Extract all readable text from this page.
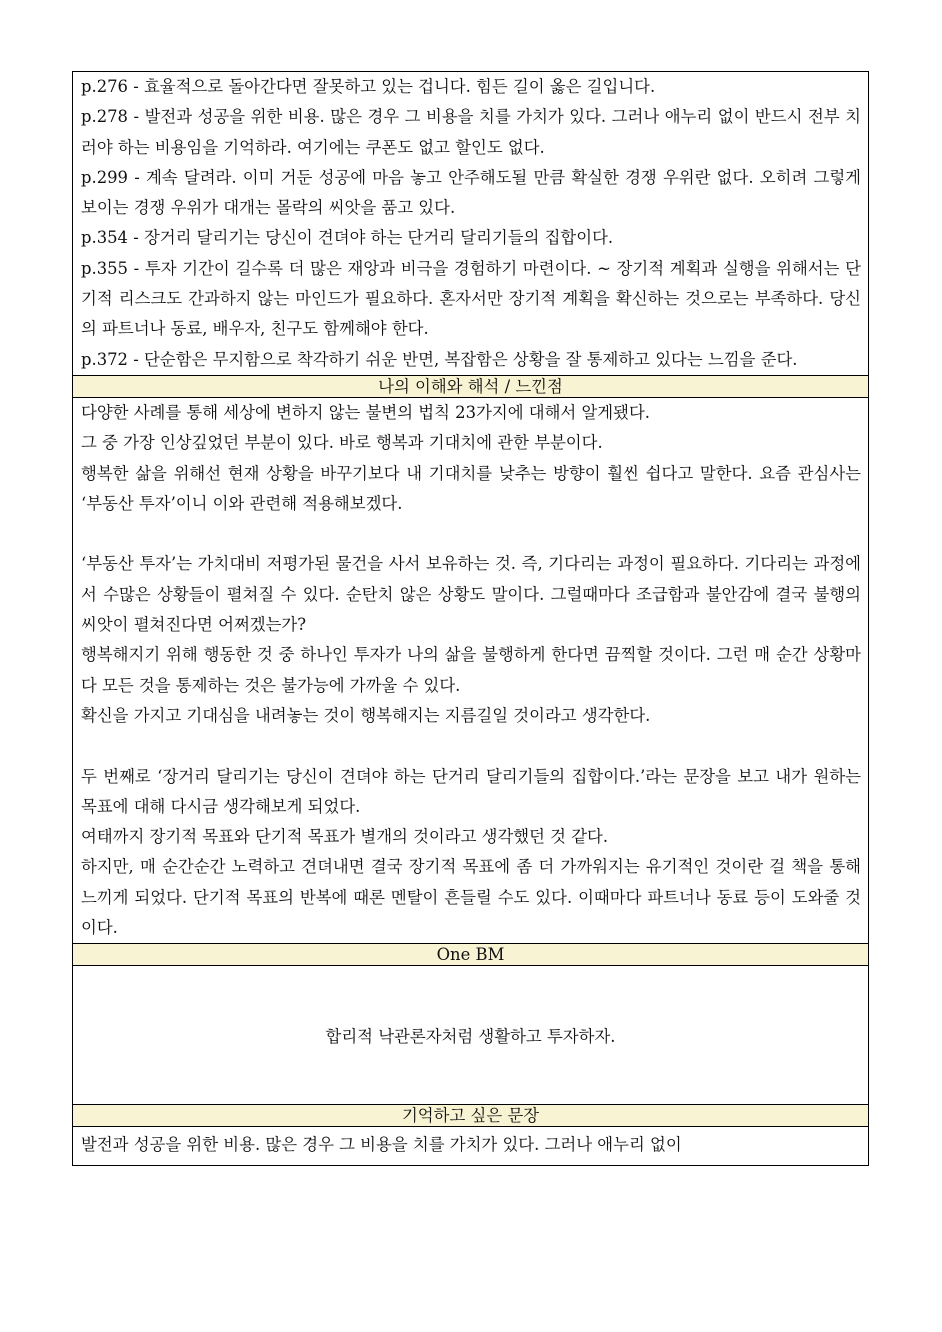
p.276 - 효율적으로 돌아간다면 잘못하고 있는 겁니다. 힘든 길이 옳은 길입니다.

p.278 - 발전과 성공을 위한 비용. 많은 경우 그 비용을 치를 가치가 있다. 그러나 애누리 없이 반드시 전부 치러야 하는 비용임을 기억하라. 여기에는 쿠폰도 없고 할인도 없다.

p.299 - 계속 달려라. 이미 거둔 성공에 마음 놓고 안주해도될 만큼 확실한 경쟁 우위란 없다. 오히려 그렇게 보이는 경쟁 우위가 대개는 몰락의 씨앗을 품고 있다.

p.354 - 장거리 달리기는 당신이 견뎌야 하는 단거리 달리기들의 집합이다.

p.355 - 투자 기간이 길수록 더 많은 재앙과 비극을 경험하기 마련이다. ~ 장기적 계획과 실행을 위해서는 단기적 리스크도 간과하지 않는 마인드가 필요하다. 혼자서만 장기적 계획을 확신하는 것으로는 부족하다. 당신의 파트너나 동료, 배우자, 친구도 함께해야 한다.

p.372 - 단순함은 무지함으로 착각하기 쉬운 반면, 복잡함은 상황을 잘 통제하고 있다는 느낌을 준다.

나의 이해와 해석 / 느낀점

다양한 사례를 통해 세상에 변하지 않는 불변의 법칙 23가지에 대해서 알게됐다.

그 중 가장 인상깊었던 부분이 있다. 바로 행복과 기대치에 관한 부분이다.

행복한 삶을 위해선 현재 상황을 바꾸기보다 내 기대치를 낮추는 방향이 훨씬 쉽다고 말한다. 요즘 관심사는 ‘부동산 투자’이니 이와 관련해 적용해보겠다.

‘부동산 투자’는 가치대비 저평가된 물건을 사서 보유하는 것. 즉, 기다리는 과정이 필요하다. 기다리는 과정에서 수많은 상황들이 펼쳐질 수 있다. 순탄치 않은 상황도 말이다. 그럴때마다 조급함과 불안감에 결국 불행의 씨앗이 펼쳐진다면 어쩌겠는가?

행복해지기 위해 행동한 것 중 하나인 투자가 나의 삶을 불행하게 한다면 끔찍할 것이다. 그런 매 순간 상황마다 모든 것을 통제하는 것은 불가능에 가까울 수 있다.

확신을 가지고 기대심을 내려놓는 것이 행복해지는 지름길일 것이라고 생각한다.

두 번째로 ‘장거리 달리기는 당신이 견뎌야 하는 단거리 달리기들의 집합이다.’라는 문장을 보고 내가 원하는 목표에 대해 다시금 생각해보게 되었다.

여태까지 장기적 목표와 단기적 목표가 별개의 것이라고 생각했던 것 같다.

하지만, 매 순간순간 노력하고 견뎌내면 결국 장기적 목표에 좀 더 가까워지는 유기적인 것이란 걸 책을 통해 느끼게 되었다. 단기적 목표의 반복에 때론 멘탈이 흔들릴 수도 있다. 이때마다 파트너나 동료 등이 도와줄 것이다.

One BM
합리적 낙관론자처럼 생활하고 투자하자.
기억하고 싶은 문장
발전과 성공을 위한 비용. 많은 경우 그 비용을 치를 가치가 있다. 그러나 애누리 없이
